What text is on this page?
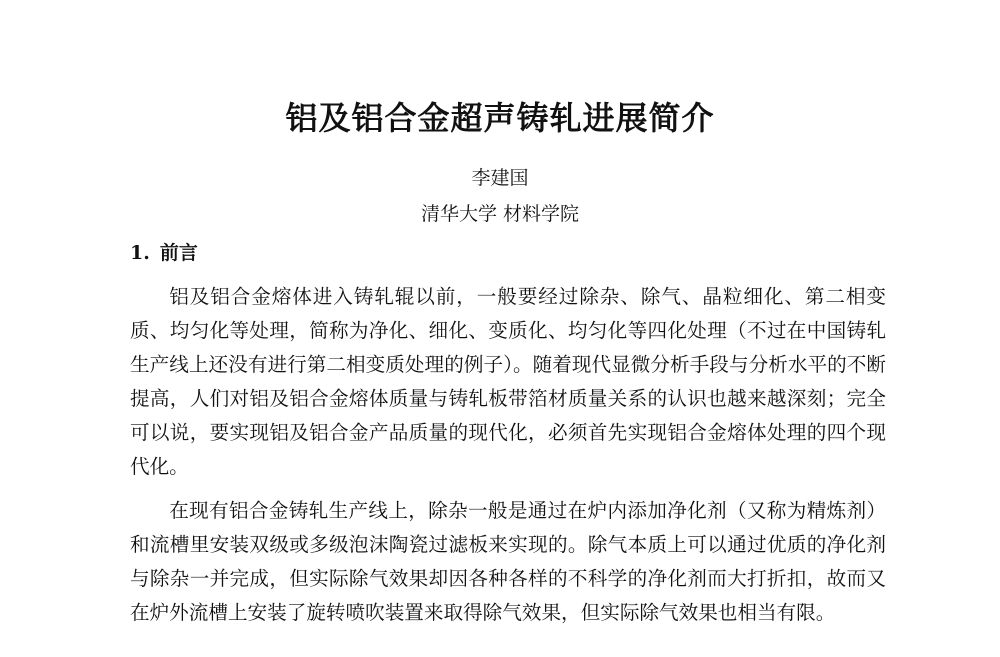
铝及铝合金超声铸轧进展简介

李建国

清华大学 材料学院

1. 前言

铝及铝合金熔体进入铸轧辊以前，一般要经过除杂、除气、晶粒细化、第二相变质、均匀化等处理，简称为净化、细化、变质化、均匀化等四化处理（不过在中国铸轧生产线上还没有进行第二相变质处理的例子）。随着现代显微分析手段与分析水平的不断提高，人们对铝及铝合金熔体质量与铸轧板带箔材质量关系的认识也越来越深刻；完全可以说，要实现铝及铝合金产品质量的现代化，必须首先实现铝合金熔体处理的四个现代化。

在现有铝合金铸轧生产线上，除杂一般是通过在炉内添加净化剂（又称为精炼剂）和流槽里安装双级或多级泡沫陶瓷过滤板来实现的。除气本质上可以通过优质的净化剂与除杂一并完成，但实际除气效果却因各种各样的不科学的净化剂而大打折扣，故而又在炉外流槽上安装了旋转喷吹装置来取得除气效果，但实际除气效果也相当有限。
